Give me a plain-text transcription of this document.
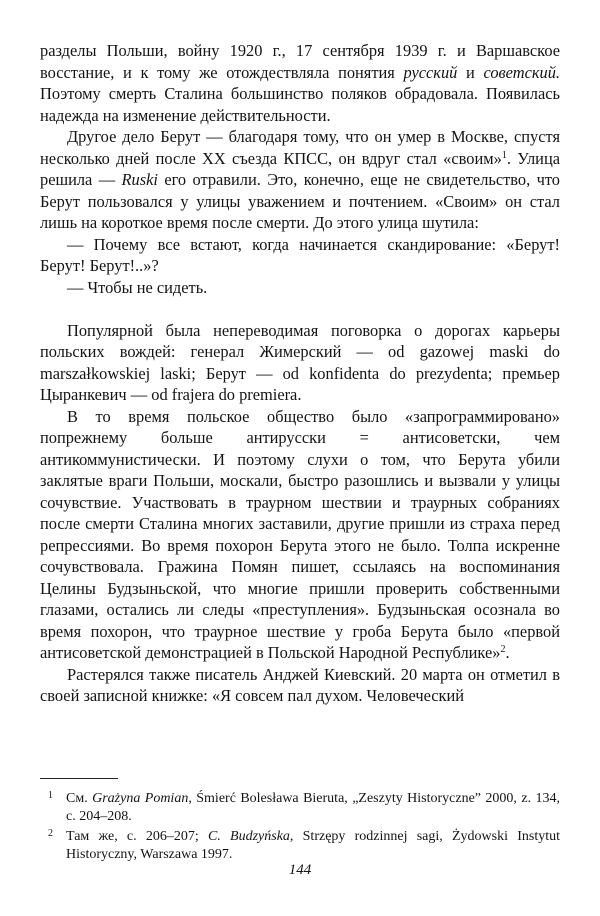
разделы Польши, войну 1920 г., 17 сентября 1939 г. и Варшавское восстание, и к тому же отождествляла понятия русский и советский. Поэтому смерть Сталина большинство поляков обрадовала. Появилась надежда на изменение действительности.

Другое дело Берут — благодаря тому, что он умер в Москве, спустя несколько дней после XX съезда КПСС, он вдруг стал «своим»$^1$. Улица решила — Ruski его отравили. Это, конечно, еще не свидетельство, что Берут пользовался у улицы уважением и почтением. «Своим» он стал лишь на короткое время после смерти. До этого улица шутила:

— Почему все встают, когда начинается скандирование: «Берут! Берут! Берут!..»?

— Чтобы не сидеть.

Популярной была непереводимая поговорка о дорогах карьеры польских вождей: генерал Жимерский — od gazowej maski do marszałkowskiej laski; Берут — od konfidenta do prezydenta; премьер Цыранкевич — od frajera do premiera.

В то время польское общество было «запрограммировано» попрежнему больше антирусски = антисоветски, чем антикоммунистически. И поэтому слухи о том, что Берута убили заклятые враги Польши, москали, быстро разошлись и вызвали у улицы сочувствие. Участвовать в траурном шествии и траурных собраниях после смерти Сталина многих заставили, другие пришли из страха перед репрессиями. Во время похорон Берута этого не было. Толпа искренне сочувствовала. Гражина Помян пишет, ссылаясь на воспоминания Целины Будзыньской, что многие пришли проверить собственными глазами, остались ли следы «преступления». Будзыньская осознала во время похорон, что траурное шествие у гроба Берута было «первой антисоветской демонстрацией в Польской Народной Республике»$^2$.

Растерялся также писатель Анджей Киевский. 20 марта он отметил в своей записной книжке: «Я совсем пал духом. Человеческий

1 См. Grażyna Pomian, Śmierć Bolesława Bieruta, „Zeszyty Historyczne” 2000, z. 134, c. 204–208.
2 Там же, с. 206–207; C. Budzyńska, Strzępy rodzinnej sagi, Żydowski Instytut Historyczny, Warszawa 1997.
144
